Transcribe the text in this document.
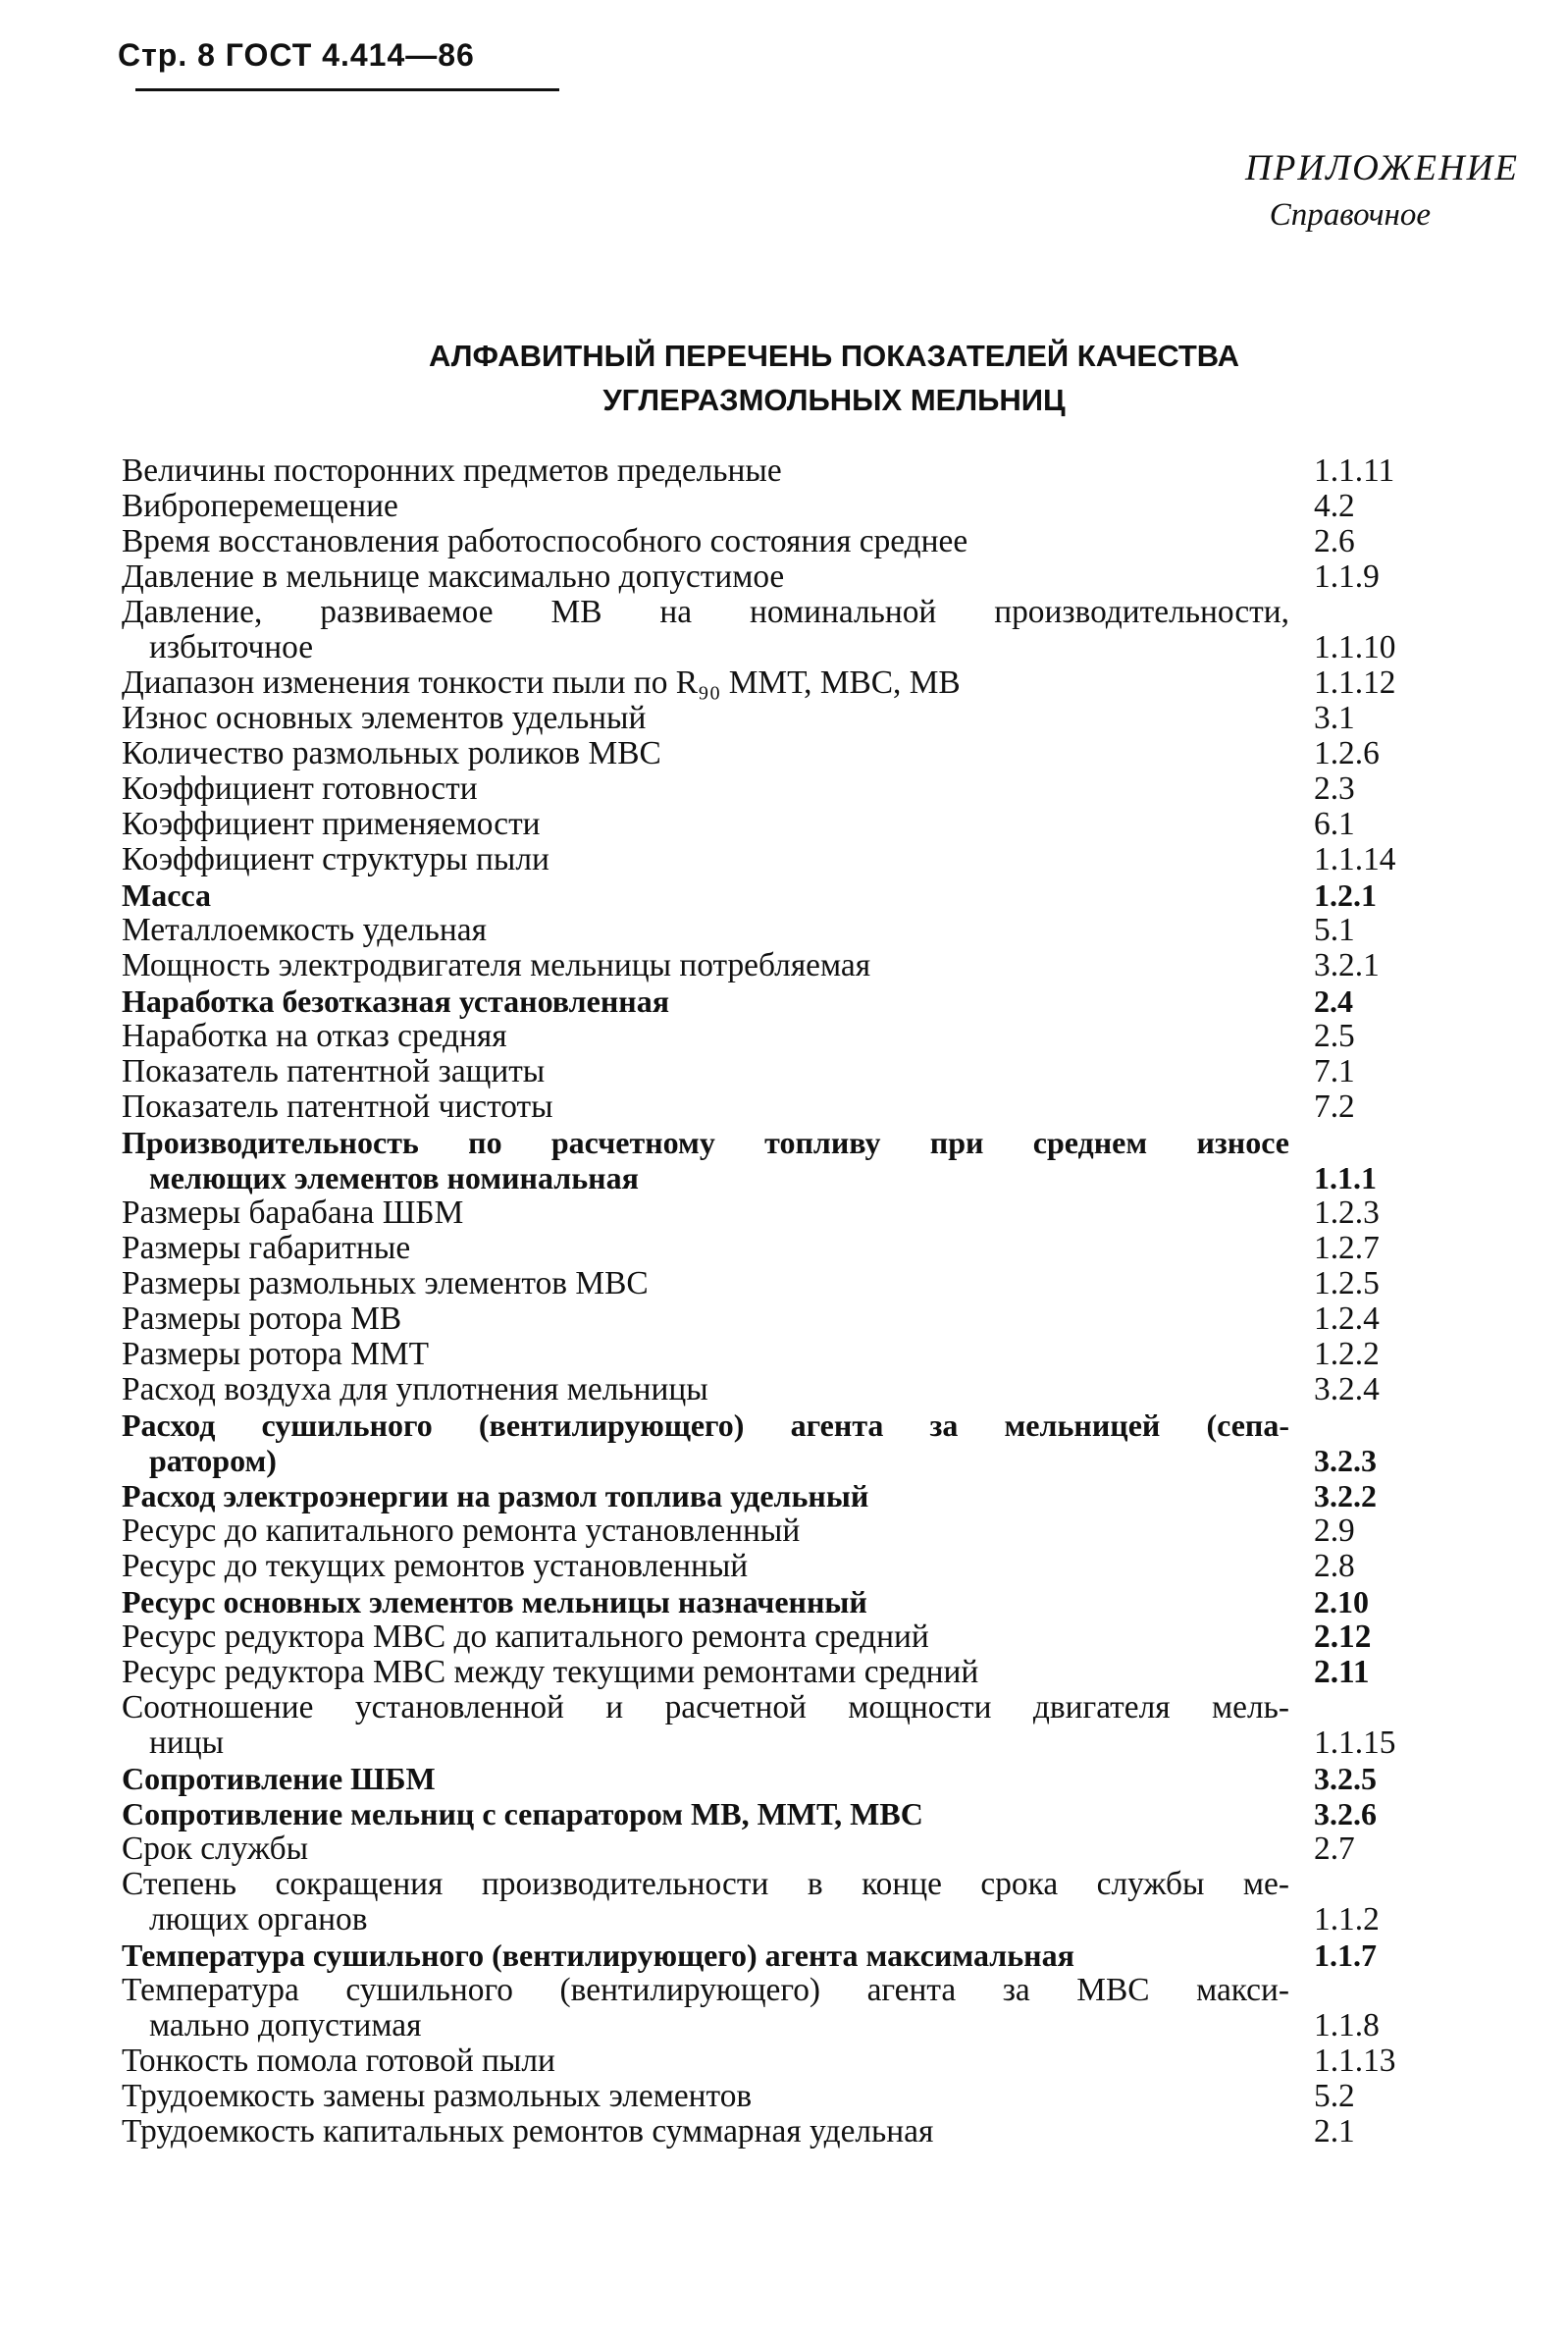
Стр. 8 ГОСТ 4.414—86
ПРИЛОЖЕНИЕ
Справочное
АЛФАВИТНЫЙ ПЕРЕЧЕНЬ ПОКАЗАТЕЛЕЙ КАЧЕСТВА
УГЛЕРАЗМОЛЬНЫХ МЕЛЬНИЦ
Величины посторонних предметов предельные	1.1.11
Виброперемещение	4.2
Время восстановления работоспособного состояния среднее	2.6
Давление в мельнице максимально допустимое	1.1.9
Давление, развиваемое МВ на номинальной производительности,
избыточное	1.1.10
Диапазон изменения тонкости пыли по R₉₀ ММТ, МВС, МВ	1.1.12
Износ основных элементов удельный	3.1
Количество размольных роликов МВС	1.2.6
Коэффициент готовности	2.3
Коэффициент применяемости	6.1
Коэффициент структуры пыли	1.1.14
Масса	1.2.1
Металлоемкость удельная	5.1
Мощность электродвигателя мельницы потребляемая	3.2.1
Наработка безотказная установленная	2.4
Наработка на отказ средняя	2.5
Показатель патентной защиты	7.1
Показатель патентной чистоты	7.2
Производительность по расчетному топливу при среднем износе
мелющих элементов номинальная	1.1.1
Размеры барабана ШБМ	1.2.3
Размеры габаритные	1.2.7
Размеры размольных элементов МВС	1.2.5
Размеры ротора МВ	1.2.4
Размеры ротора ММТ	1.2.2
Расход воздуха для уплотнения мельницы	3.2.4
Расход сушильного (вентилирующего) агента за мельницей (сепа-
ратором)	3.2.3
Расход электроэнергии на размол топлива удельный	3.2.2
Ресурс до капитального ремонта установленный	2.9
Ресурс до текущих ремонтов установленный	2.8
Ресурс основных элементов мельницы назначенный	2.10
Ресурс редуктора МВС до капитального ремонта средний	2.12
Ресурс редуктора МВС между текущими ремонтами средний	2.11
Соотношение установленной и расчетной мощности двигателя мель-
ницы	1.1.15
Сопротивление ШБМ	3.2.5
Сопротивление мельниц с сепаратором МВ, ММТ, МВС	3.2.6
Срок службы	2.7
Степень сокращения производительности в конце срока службы ме-
лющих органов	1.1.2
Температура сушильного (вентилирующего) агента максимальная	1.1.7
Температура сушильного (вентилирующего) агента за МВС макси-
мально допустимая	1.1.8
Тонкость помола готовой пыли	1.1.13
Трудоемкость замены размольных элементов	5.2
Трудоемкость капитальных ремонтов суммарная удельная	2.1
